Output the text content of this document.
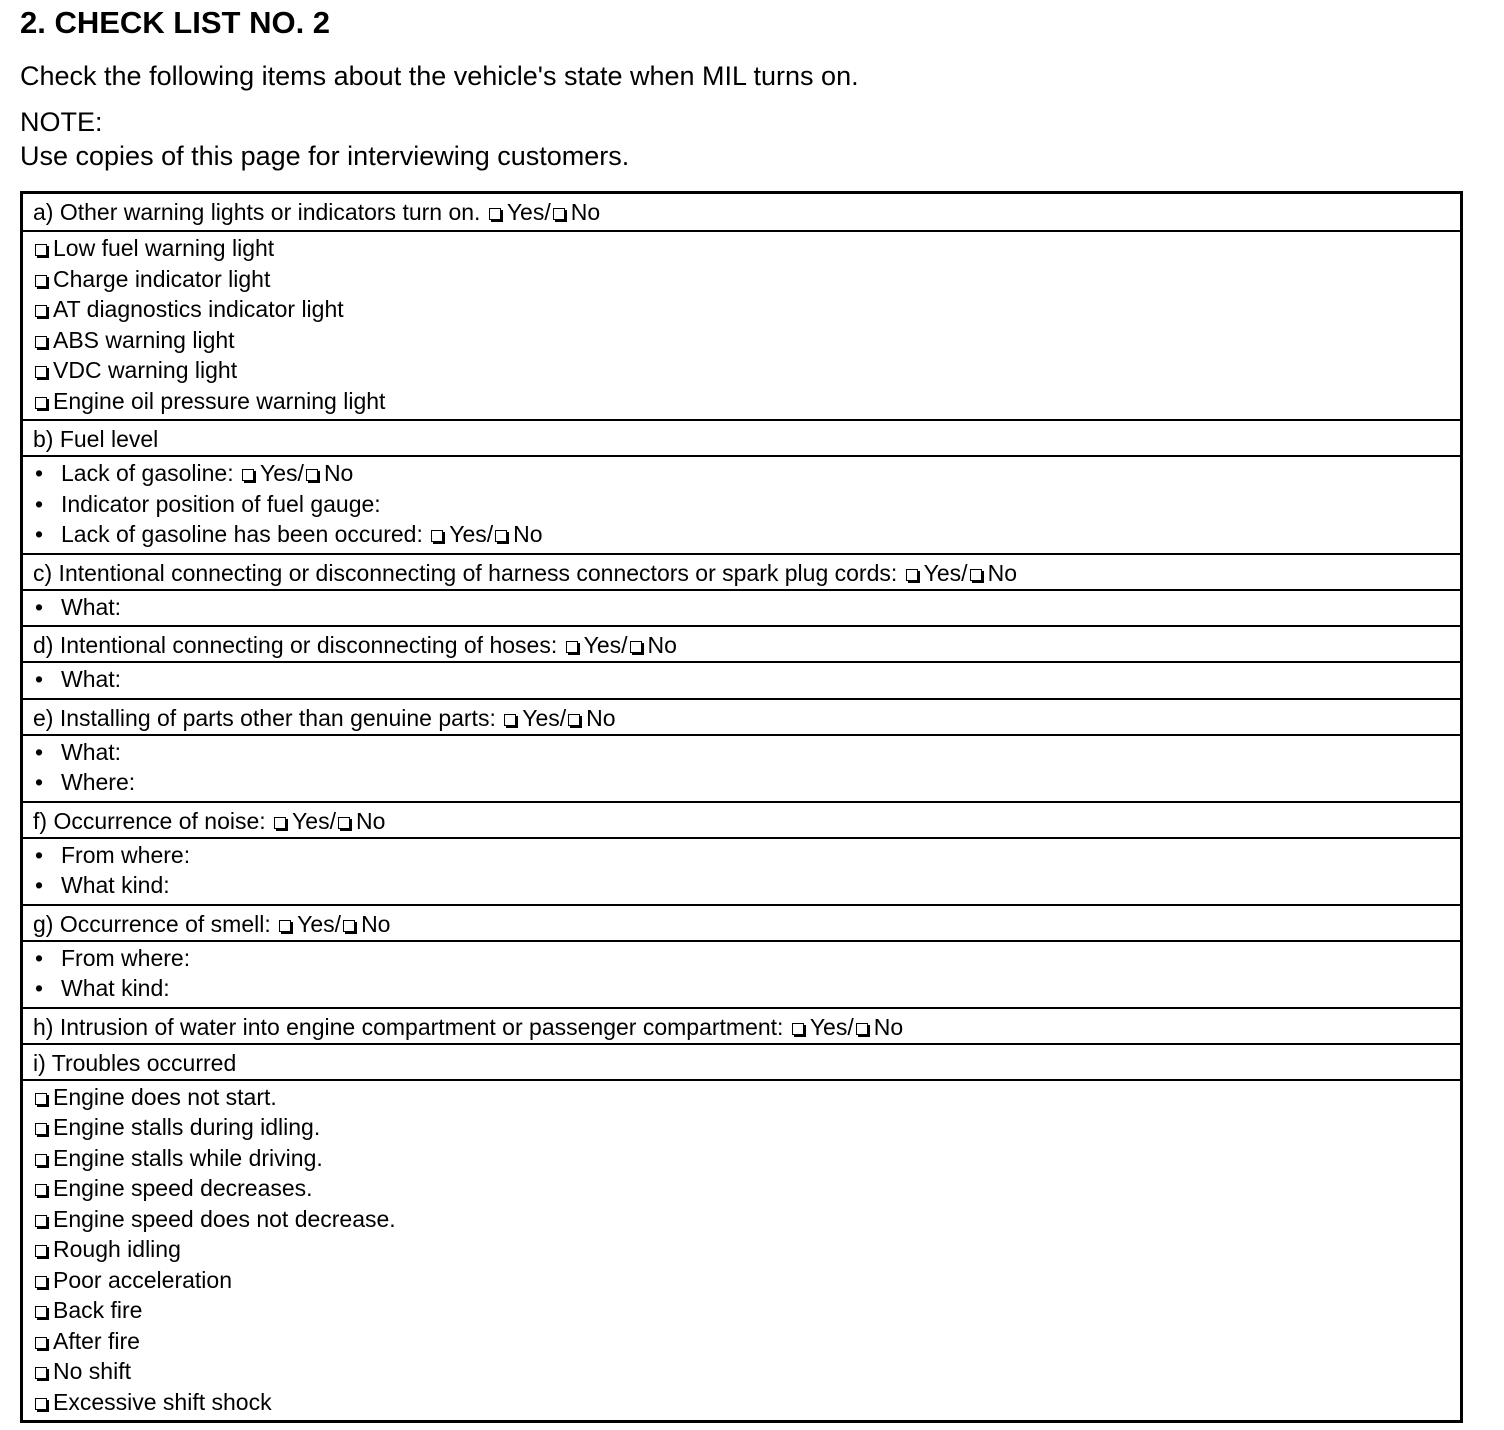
2. CHECK LIST NO. 2
Check the following items about the vehicle's state when MIL turns on.
NOTE:
Use copies of this page for interviewing customers.
a) Other warning lights or indicators turn on. Yes/ No
Low fuel warning light
Charge indicator light
AT diagnostics indicator light
ABS warning light
VDC warning light
Engine oil pressure warning light
b) Fuel level
• Lack of gasoline: Yes/ No
• Indicator position of fuel gauge:
• Lack of gasoline has been occured: Yes/ No
c) Intentional connecting or disconnecting of harness connectors or spark plug cords: Yes/ No
• What:
d) Intentional connecting or disconnecting of hoses: Yes/ No
• What:
e) Installing of parts other than genuine parts: Yes/ No
• What:
• Where:
f) Occurrence of noise: Yes/ No
• From where:
• What kind:
g) Occurrence of smell: Yes/ No
• From where:
• What kind:
h) Intrusion of water into engine compartment or passenger compartment: Yes/ No
i) Troubles occurred
Engine does not start.
Engine stalls during idling.
Engine stalls while driving.
Engine speed decreases.
Engine speed does not decrease.
Rough idling
Poor acceleration
Back fire
After fire
No shift
Excessive shift shock
